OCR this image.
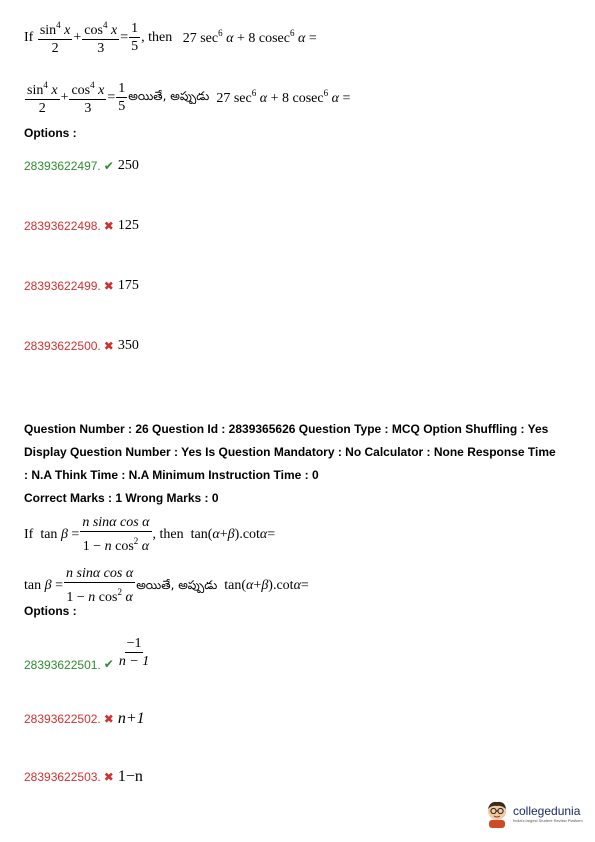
If
$\frac{\sin^4 x}{2} + \frac{\cos^4 x}{3} = \frac{1}{5}$ , then
27 $\sec^6 \alpha + 8$ cosec$^6$ α =
$\frac{\sin^4 x}{2} + \frac{\cos^4 x}{3} = \frac{1}{5}$ అయితే, అప్పుడు
27 $\sec^6 \alpha + 8$ cosec$^6$ α =
Options :
28393622497. ✔ 250
28393622498. ✖ 125
28393622499. ✖ 175
28393622500. ✖ 350
Question Number : 26 Question Id : 2839365626 Question Type : MCQ Option Shuffling : Yes
Display Question Number : Yes Is Question Mandatory : No Calculator : None Response Time
: N.A Think Time : N.A Minimum Instruction Time : 0
Correct Marks : 1 Wrong Marks : 0
If $\tan \beta = \frac{\text{n sinα cos α}}{1 - n \cos^2 \alpha}$ , then tan( α + β ).cot α =
$\tan \beta = \frac{\text{n sinα cos α}}{1 - n \cos^2 \alpha}$ అయితే, అప్పుడు tan( α + β ).cot α =
Options :
28393622501. ✔ $\frac{-1}{n - 1}$
28393622502. ✖ n+1
28393622503. ✖ 1−n
collegedunia
India's largest Student Review Platform
